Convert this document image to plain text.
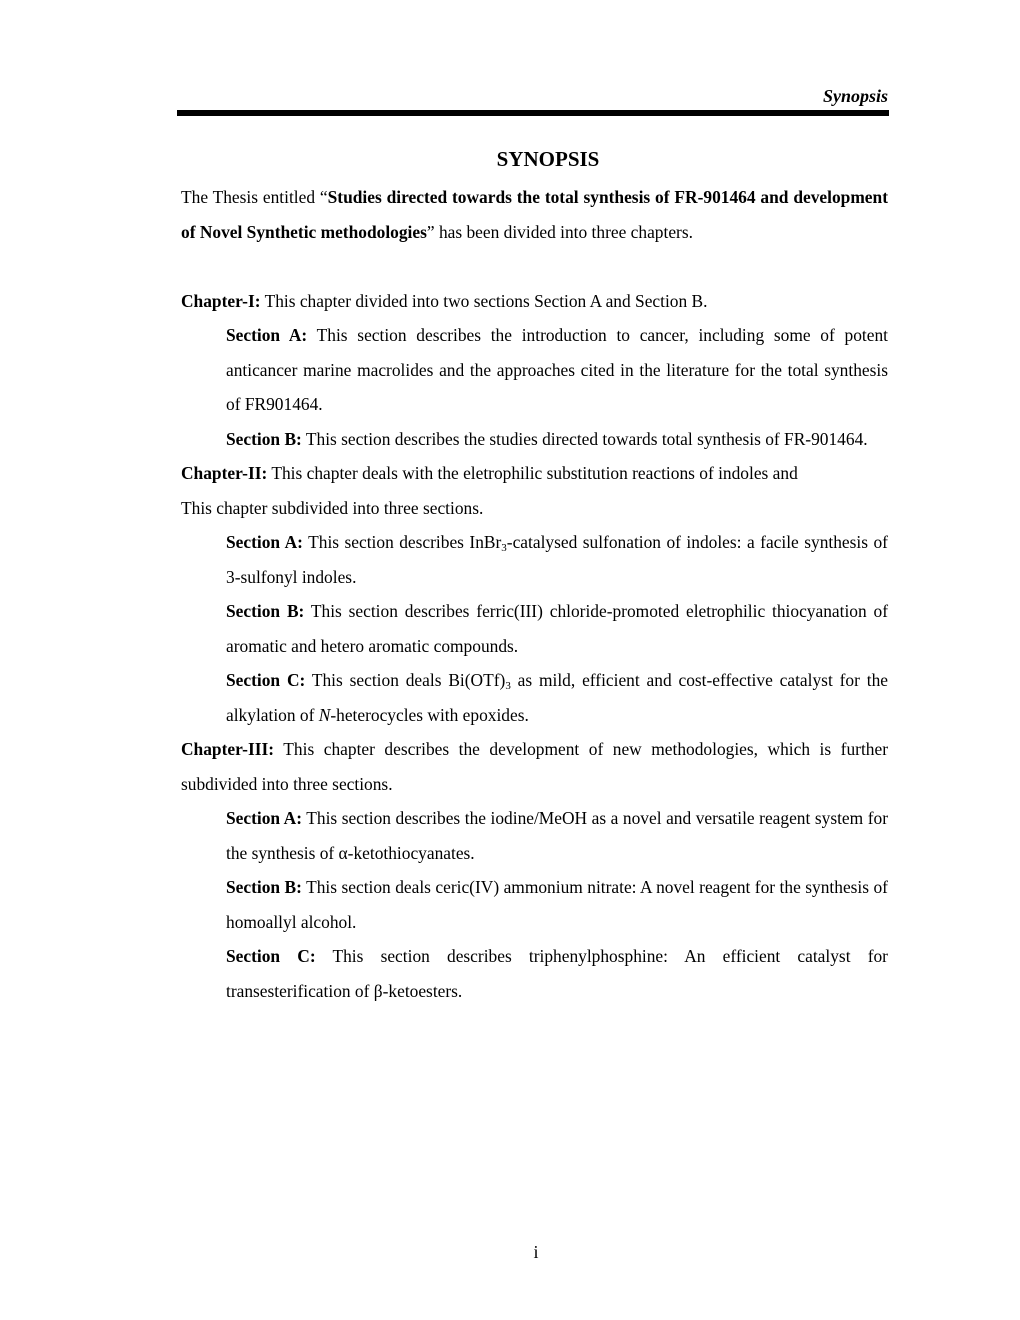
Synopsis
SYNOPSIS

The Thesis entitled “Studies directed towards the total synthesis of FR-901464 and development of Novel Synthetic methodologies” has been divided into three chapters.

Chapter-I: This chapter divided into two sections Section A and Section B.

Section A: This section describes the introduction to cancer, including some of potent anticancer marine macrolides and the approaches cited in the literature for the total synthesis of FR901464.

Section B: This section describes the studies directed towards total synthesis of FR-901464.

Chapter-II: This chapter deals with the eletrophilic substitution reactions of indoles and

This chapter subdivided into three sections.

Section A: This section describes InBr$_3$-catalysed sulfonation of indoles: a facile synthesis of 3-sulfonyl indoles.

Section B: This section describes ferric(III) chloride-promoted eletrophilic thiocyanation of aromatic and hetero aromatic compounds.

Section C: This section deals $Bi(OTf)_3$ as mild, efficient and cost-effective catalyst for the alkylation of N-heterocycles with epoxides.

Chapter-III: This chapter describes the development of new methodologies, which is further subdivided into three sections.

Section A: This section describes the iodine/MeOH as a novel and versatile reagent system for the synthesis of α-ketothiocyanates.

Section B: This section deals ceric(IV) ammonium nitrate: A novel reagent for the synthesis of homoallyl alcohol.

Section C: This section describes triphenylphosphine: An efficient catalyst for transesterification of β-ketoesters.

i
